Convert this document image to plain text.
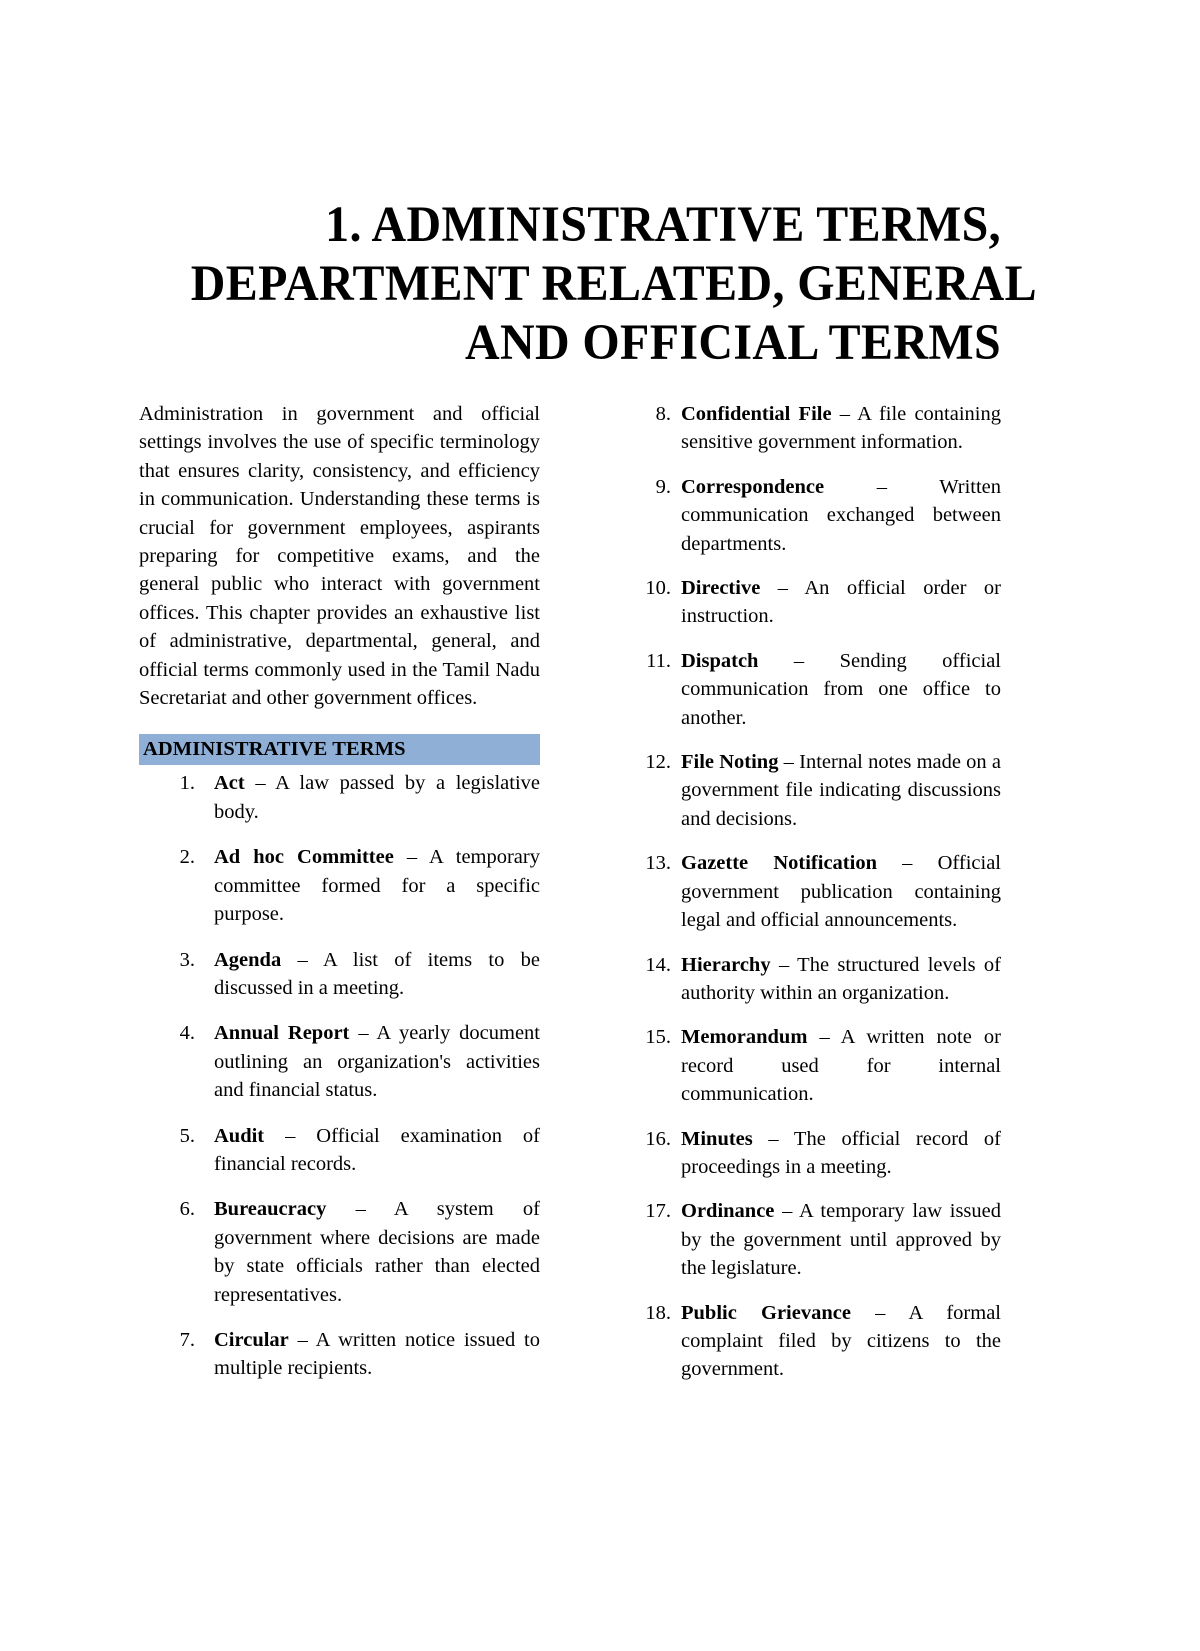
1. ADMINISTRATIVE TERMS,
DEPARTMENT RELATED, GENERAL
AND OFFICIAL TERMS

Administration in government and official settings involves the use of specific terminology that ensures clarity, consistency, and efficiency in communication. Understanding these terms is crucial for government employees, aspirants preparing for competitive exams, and the general public who interact with government offices. This chapter provides an exhaustive list of administrative, departmental, general, and official terms commonly used in the Tamil Nadu Secretariat and other government offices.

ADMINISTRATIVE TERMS
1. Act – A law passed by a legislative body.
2. Ad hoc Committee – A temporary committee formed for a specific purpose.
3. Agenda – A list of items to be discussed in a meeting.
4. Annual Report – A yearly document outlining an organization's activities and financial status.
5. Audit – Official examination of financial records.
6. Bureaucracy – A system of government where decisions are made by state officials rather than elected representatives.
7. Circular – A written notice issued to multiple recipients.
8. Confidential File – A file containing sensitive government information.
9. Correspondence – Written communication exchanged between departments.
10. Directive – An official order or instruction.
11. Dispatch – Sending official communication from one office to another.
12. File Noting – Internal notes made on a government file indicating discussions and decisions.
13. Gazette Notification – Official government publication containing legal and official announcements.
14. Hierarchy – The structured levels of authority within an organization.
15. Memorandum – A written note or record used for internal communication.
16. Minutes – The official record of proceedings in a meeting.
17. Ordinance – A temporary law issued by the government until approved by the legislature.
18. Public Grievance – A formal complaint filed by citizens to the government.
